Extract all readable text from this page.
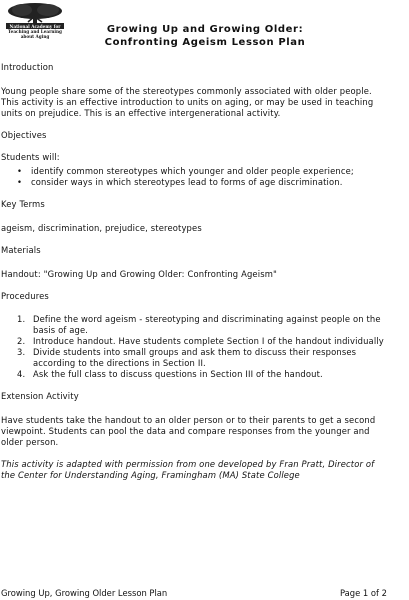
National Academy for
Teaching and Learning
about Aging
Growing Up and Growing Older:
Confronting Ageism Lesson Plan

Introduction

Young people share some of the stereotypes commonly associated with older people. This activity is an effective introduction to units on aging, or may be used in teaching units on prejudice. This is an effective intergenerational activity.

Objectives

Students will:

• identify common stereotypes which younger and older people experience;
• consider ways in which stereotypes lead to forms of age discrimination.

Key Terms

ageism, discrimination, prejudice, stereotypes

Materials

Handout: "Growing Up and Growing Older: Confronting Ageism"

Procedures

1. Define the word ageism - stereotyping and discriminating against people on the basis of age.
2. Introduce handout. Have students complete Section I of the handout individually
3. Divide students into small groups and ask them to discuss their responses according to the directions in Section II.
4. Ask the full class to discuss questions in Section III of the handout.

Extension Activity

Have students take the handout to an older person or to their parents to get a second viewpoint. Students can pool the data and compare responses from the younger and older person.

This activity is adapted with permission from one developed by Fran Pratt, Director of the Center for Understanding Aging, Framingham (MA) State College

Growing Up, Growing Older Lesson Plan	Page 1 of 2
